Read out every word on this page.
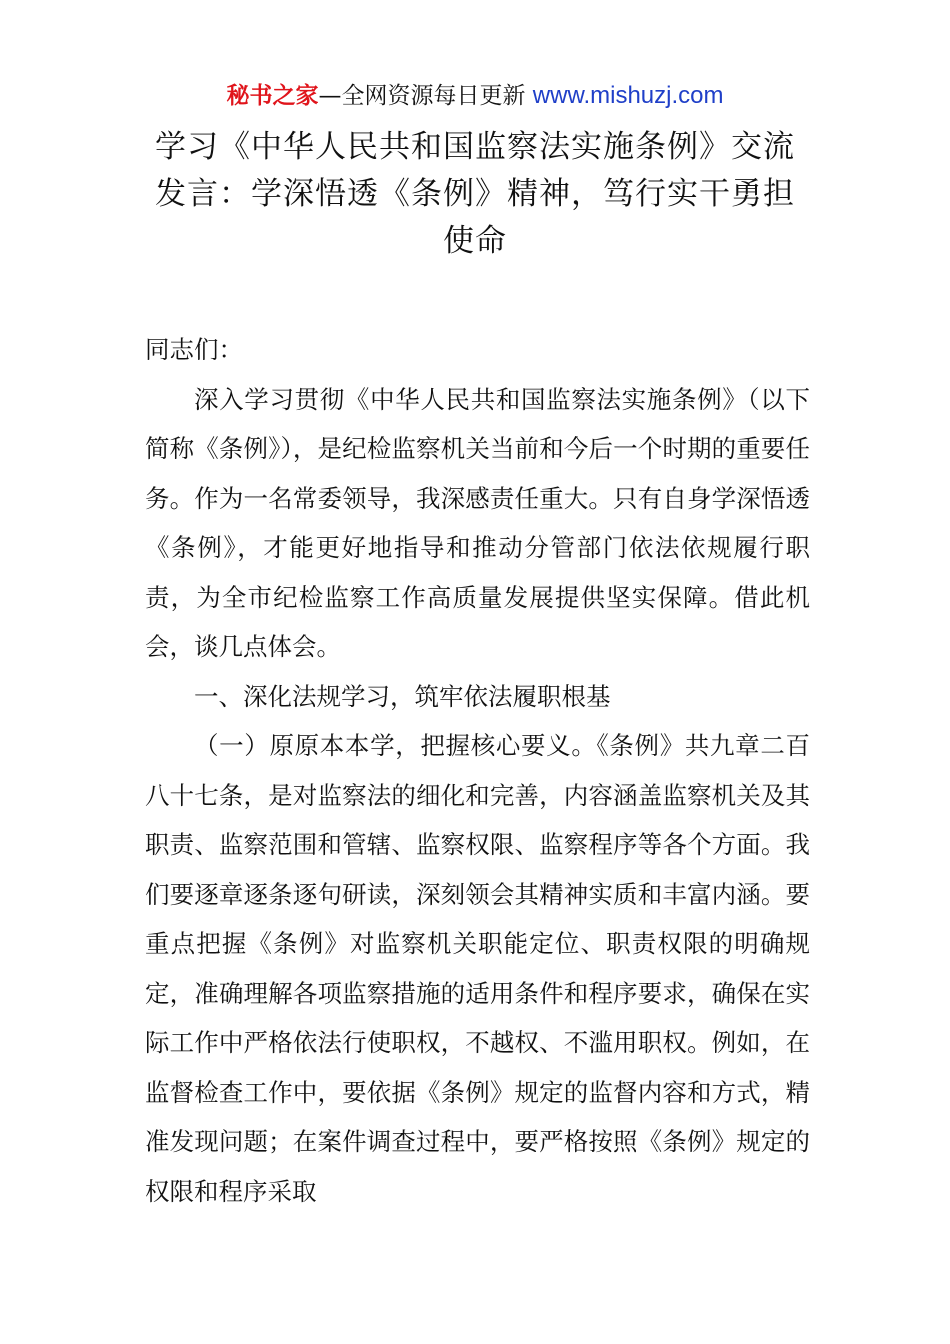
秘书之家—全网资源每日更新 www.mishuzj.com
学习《中华人民共和国监察法实施条例》交流发言：学深悟透《条例》精神，笃行实干勇担使命

同志们：

深入学习贯彻《中华人民共和国监察法实施条例》（以下简称《条例》），是纪检监察机关当前和今后一个时期的重要任务。作为一名常委领导，我深感责任重大。只有自身学深悟透《条例》，才能更好地指导和推动分管部门依法依规履行职责，为全市纪检监察工作高质量发展提供坚实保障。借此机会，谈几点体会。

一、深化法规学习，筑牢依法履职根基

（一）原原本本学，把握核心要义。《条例》共九章二百八十七条，是对监察法的细化和完善，内容涵盖监察机关及其职责、监察范围和管辖、监察权限、监察程序等各个方面。我们要逐章逐条逐句研读，深刻领会其精神实质和丰富内涵。要重点把握《条例》对监察机关职能定位、职责权限的明确规定，准确理解各项监察措施的适用条件和程序要求，确保在实际工作中严格依法行使职权，不越权、不滥用职权。例如，在监督检查工作中，要依据《条例》规定的监督内容和方式，精准发现问题；在案件调查过程中，要严格按照《条例》规定的权限和程序采取
